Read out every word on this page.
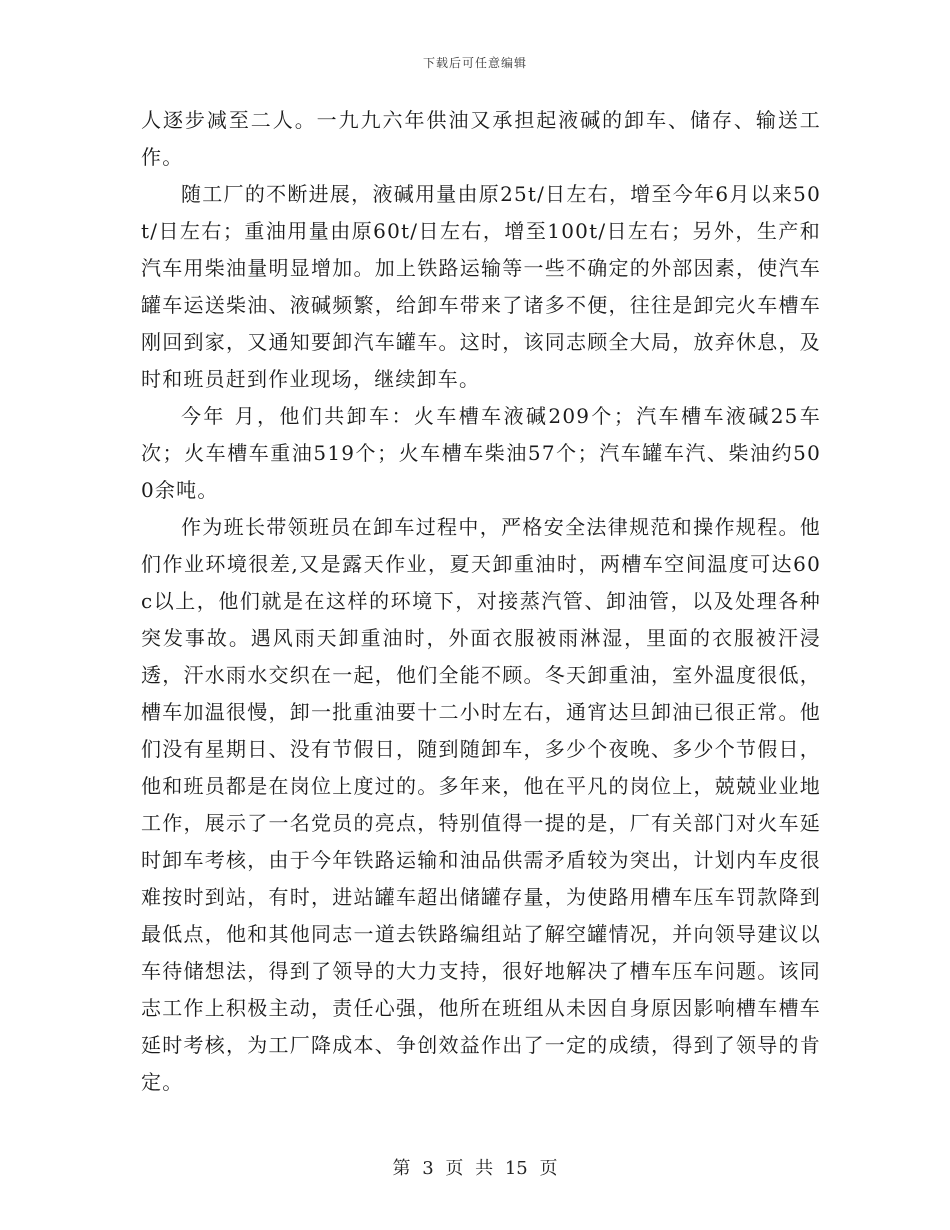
下载后可任意编辑

人逐步减至二人。一九九六年供油又承担起液碱的卸车、储存、输送工作。

随工厂的不断进展，液碱用量由原25t/日左右，增至今年6月以来50t/日左右；重油用量由原60t/日左右，增至100t/日左右；另外，生产和汽车用柴油量明显增加。加上铁路运输等一些不确定的外部因素，使汽车罐车运送柴油、液碱频繁，给卸车带来了诸多不便，往往是卸完火车槽车刚回到家，又通知要卸汽车罐车。这时，该同志顾全大局，放弃休息，及时和班员赶到作业现场，继续卸车。

今年 月，他们共卸车：火车槽车液碱209个；汽车槽车液碱25车次；火车槽车重油519个；火车槽车柴油57个；汽车罐车汽、柴油约500余吨。

作为班长带领班员在卸车过程中，严格安全法律规范和操作规程。他们作业环境很差,又是露天作业，夏天卸重油时，两槽车空间温度可达60c以上，他们就是在这样的环境下，对接蒸汽管、卸油管，以及处理各种突发事故。遇风雨天卸重油时，外面衣服被雨淋湿，里面的衣服被汗浸透，汗水雨水交织在一起，他们全能不顾。冬天卸重油，室外温度很低，槽车加温很慢，卸一批重油要十二小时左右，通宵达旦卸油已很正常。他们没有星期日、没有节假日，随到随卸车，多少个夜晚、多少个节假日，他和班员都是在岗位上度过的。多年来，他在平凡的岗位上，兢兢业业地工作，展示了一名党员的亮点，特别值得一提的是，厂有关部门对火车延时卸车考核，由于今年铁路运输和油品供需矛盾较为突出，计划内车皮很难按时到站，有时，进站罐车超出储罐存量，为使路用槽车压车罚款降到最低点，他和其他同志一道去铁路编组站了解空罐情况，并向领导建议以车待储想法，得到了领导的大力支持，很好地解决了槽车压车问题。该同志工作上积极主动，责任心强，他所在班组从未因自身原因影响槽车槽车延时考核，为工厂降成本、争创效益作出了一定的成绩，得到了领导的肯定。

第 3 页 共 15 页
